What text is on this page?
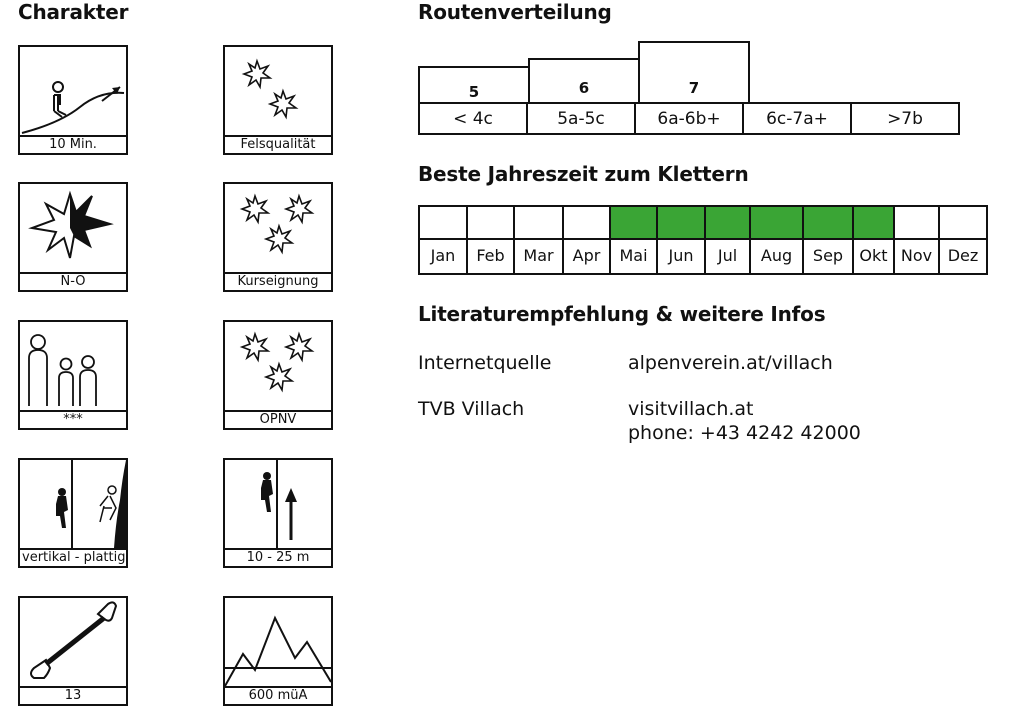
Charakter
10 Min.	Felsqualität
N-O	Kurseignung
***	ÖPNV
vertikal - plattig	10 - 25 m
13	600 müA
Routenverteilung
5	6	7
< 4c	5a-5c	6a-6b+	6c-7a+	>7b
Beste Jahreszeit zum Klettern
Jan	Feb	Mar	Apr	Mai	Jun	Jul	Aug	Sep	Okt Nov Dez
Literaturempfehlung & weitere Infos
Internetquelle	alpenverein.at/villach
TVB Villach	visitvillach.at
phone: +43 4242 42000
